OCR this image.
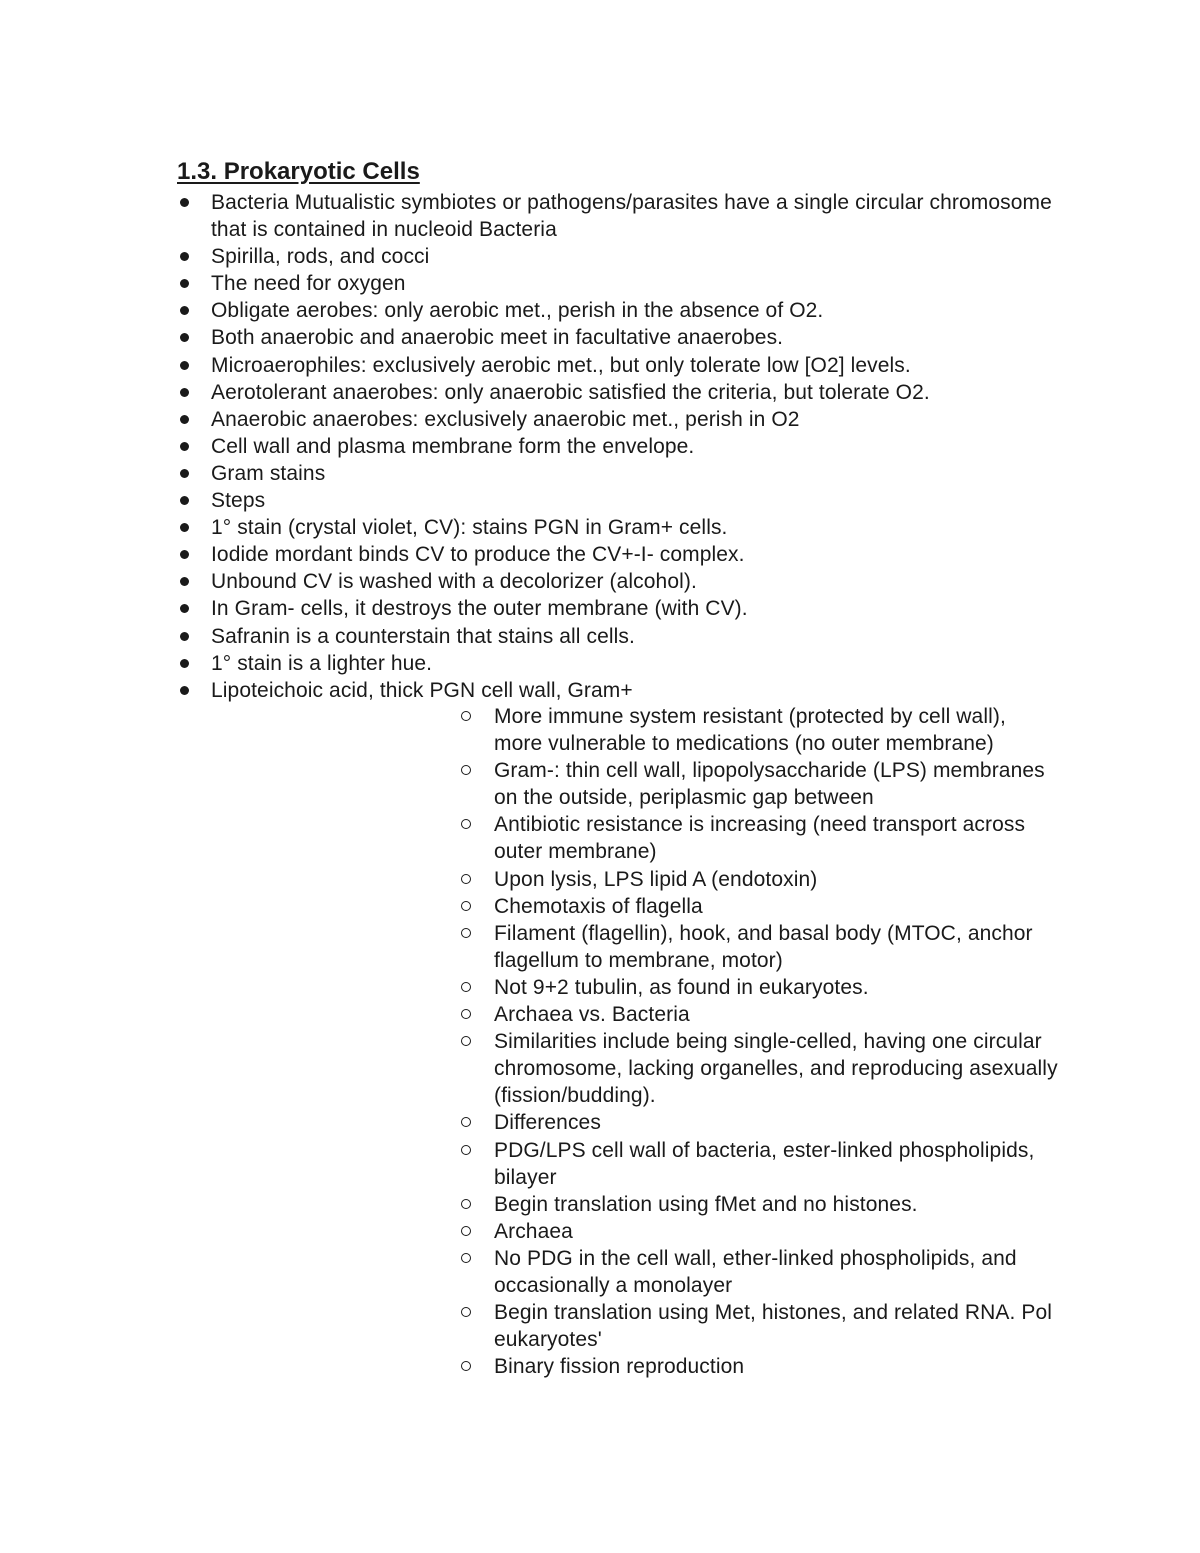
1.3. Prokaryotic Cells
Bacteria Mutualistic symbiotes or pathogens/parasites have a single circular chromosome that is contained in nucleoid Bacteria
Spirilla, rods, and cocci
The need for oxygen
Obligate aerobes: only aerobic met., perish in the absence of O2.
Both anaerobic and anaerobic meet in facultative anaerobes.
Microaerophiles: exclusively aerobic met., but only tolerate low [O2] levels.
Aerotolerant anaerobes: only anaerobic satisfied the criteria, but tolerate O2.
Anaerobic anaerobes: exclusively anaerobic met., perish in O2
Cell wall and plasma membrane form the envelope.
Gram stains
Steps
1° stain (crystal violet, CV): stains PGN in Gram+ cells.
Iodide mordant binds CV to produce the CV+-I- complex.
Unbound CV is washed with a decolorizer (alcohol).
In Gram- cells, it destroys the outer membrane (with CV).
Safranin is a counterstain that stains all cells.
1° stain is a lighter hue.
Lipoteichoic acid, thick PGN cell wall, Gram+
More immune system resistant (protected by cell wall), more vulnerable to medications (no outer membrane)
Gram-: thin cell wall, lipopolysaccharide (LPS) membranes on the outside, periplasmic gap between
Antibiotic resistance is increasing (need transport across outer membrane)
Upon lysis, LPS lipid A (endotoxin)
Chemotaxis of flagella
Filament (flagellin), hook, and basal body (MTOC, anchor flagellum to membrane, motor)
Not 9+2 tubulin, as found in eukaryotes.
Archaea vs. Bacteria
Similarities include being single-celled, having one circular chromosome, lacking organelles, and reproducing asexually (fission/budding).
Differences
PDG/LPS cell wall of bacteria, ester-linked phospholipids, bilayer
Begin translation using fMet and no histones.
Archaea
No PDG in the cell wall, ether-linked phospholipids, and occasionally a monolayer
Begin translation using Met, histones, and related RNA. Pol eukaryotes'
Binary fission reproduction
